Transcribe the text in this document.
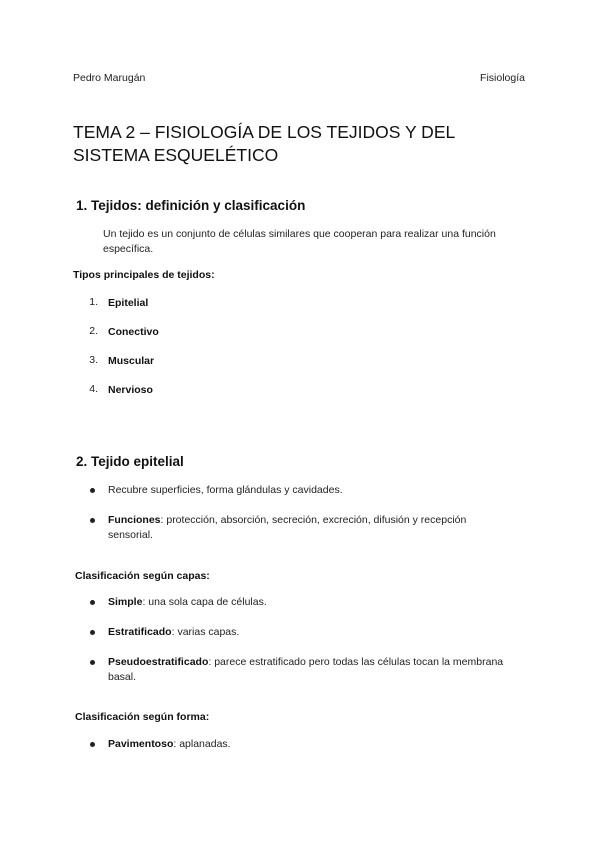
Pedro Marugán	Fisiología
TEMA 2 – FISIOLOGÍA DE LOS TEJIDOS Y DEL SISTEMA ESQUELÉTICO
1. Tejidos: definición y clasificación
Un tejido es un conjunto de células similares que cooperan para realizar una función específica.
Tipos principales de tejidos:
1. Epitelial
2. Conectivo
3. Muscular
4. Nervioso
2. Tejido epitelial
Recubre superficies, forma glándulas y cavidades.
Funciones: protección, absorción, secreción, excreción, difusión y recepción sensorial.
Clasificación según capas:
Simple: una sola capa de células.
Estratificado: varias capas.
Pseudoestratificado: parece estratificado pero todas las células tocan la membrana basal.
Clasificación según forma:
Pavimentoso: aplanadas.
